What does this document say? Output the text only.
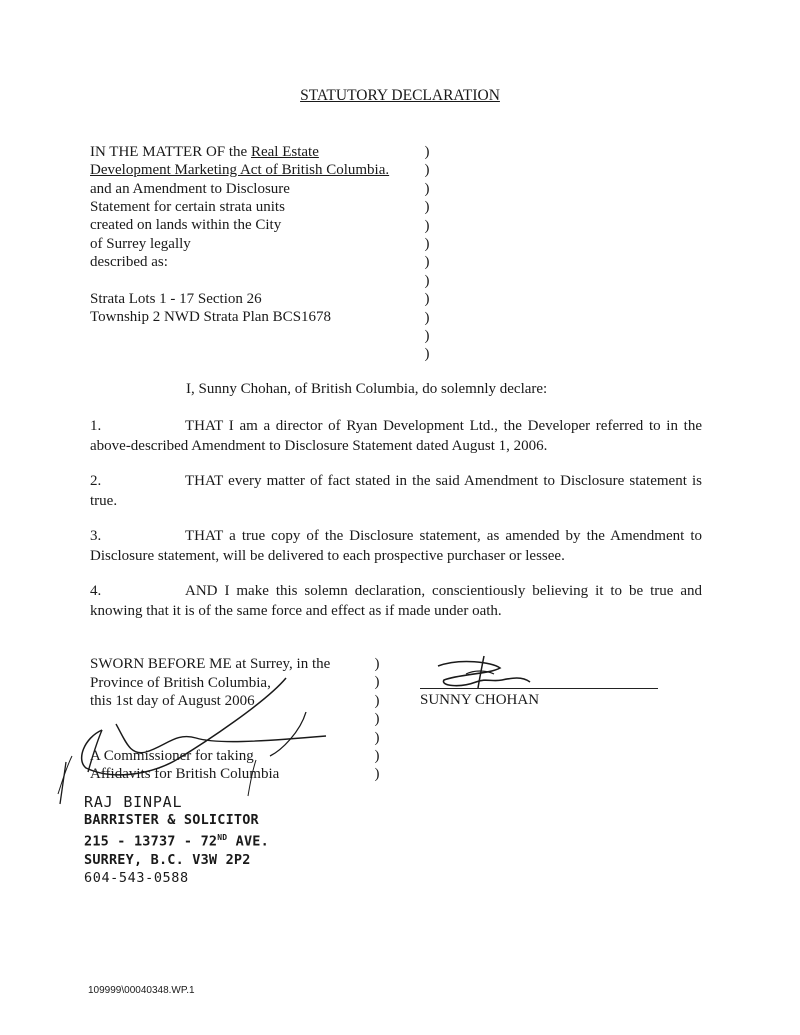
STATUTORY DECLARATION
IN THE MATTER OF the Real Estate
Development Marketing Act of British Columbia.
and an Amendment to Disclosure
Statement for certain strata units
created on lands within the City
of Surrey legally
described as:
Strata Lots 1 - 17 Section 26
Township 2 NWD Strata Plan BCS1678
)
)
)
)
)
)
)
)
)
)
)
)
I, Sunny Chohan, of British Columbia, do solemnly declare:
1.	THAT I am a director of Ryan Development Ltd., the Developer referred to in the above-described Amendment to Disclosure Statement dated August 1, 2006.
2.	THAT every matter of fact stated in the said Amendment to Disclosure statement is true.
3.	THAT a true copy of the Disclosure statement, as amended by the Amendment to Disclosure statement, will be delivered to each prospective purchaser or lessee.
4.	AND I make this solemn declaration, conscientiously believing it to be true and knowing that it is of the same force and effect as if made under oath.
SWORN BEFORE ME at Surrey, in the
Province of British Columbia,
this 1st day of August 2006
A Commissioner for taking
Affidavits for British Columbia
)
)
)
)
)
)
)
SUNNY CHOHAN
RAJ BINPAL
BARRISTER & SOLICITOR
215 - 13737 - 72ND AVE.
SURREY, B.C. V3W 2P2
604-543-0588
109999\00040348.WP.1
